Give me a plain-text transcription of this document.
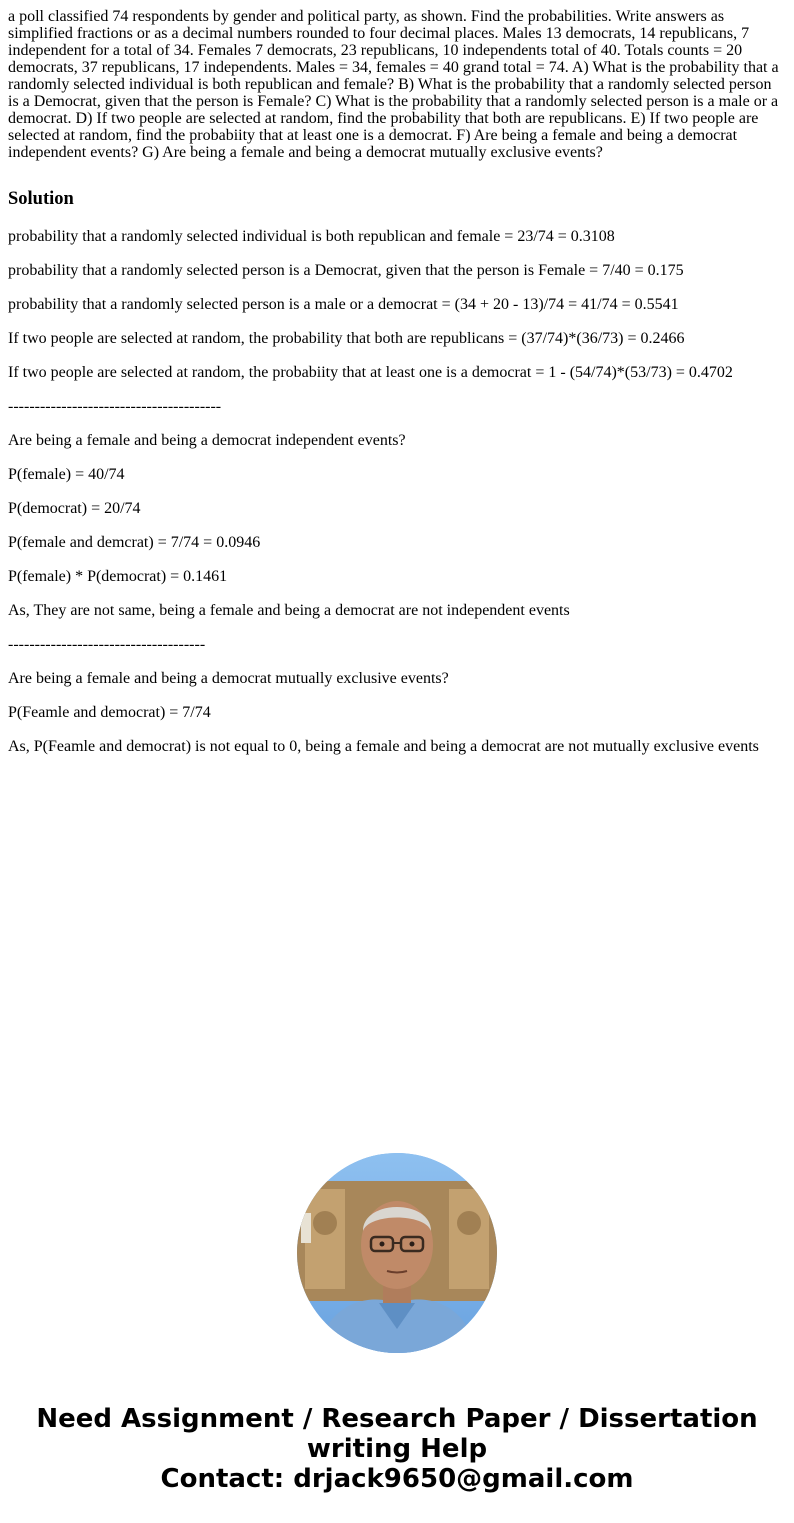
a poll classified 74 respondents by gender and political party, as shown. Find the probabilities. Write answers as simplified fractions or as a decimal numbers rounded to four decimal places. Males 13 democrats, 14 republicans, 7 independent for a total of 34. Females 7 democrats, 23 republicans, 10 independents total of 40. Totals counts = 20 democrats, 37 republicans, 17 independents. Males = 34, females = 40 grand total = 74. A) What is the probability that a randomly selected individual is both republican and female? B) What is the probability that a randomly selected person is a Democrat, given that the person is Female? C) What is the probability that a randomly selected person is a male or a democrat. D) If two people are selected at random, find the probability that both are republicans. E) If two people are selected at random, find the probabiity that at least one is a democrat. F) Are being a female and being a democrat independent events? G) Are being a female and being a democrat mutually exclusive events?

Solution

probability that a randomly selected individual is both republican and female = 23/74 = 0.3108

probability that a randomly selected person is a Democrat, given that the person is Female = 7/40 = 0.175

probability that a randomly selected person is a male or a democrat = (34 + 20 - 13)/74 = 41/74 = 0.5541

If two people are selected at random, the probability that both are republicans = (37/74)*(36/73) = 0.2466

If two people are selected at random, the probabiity that at least one is a democrat = 1 - (54/74)*(53/73) = 0.4702

----------------------------------------

Are being a female and being a democrat independent events?

P(female) = 40/74

P(democrat) = 20/74

P(female and demcrat) = 7/74 = 0.0946

P(female) * P(democrat) = 0.1461

As, They are not same, being a female and being a democrat are not independent events

-------------------------------------

Are being a female and being a democrat mutually exclusive events?

P(Feamle and democrat) = 7/74

As, P(Feamle and democrat) is not equal to 0, being a female and being a democrat are not mutually exclusive events

Need Assignment / Research Paper / Dissertation
writing Help
Contact: drjack9650@gmail.com
